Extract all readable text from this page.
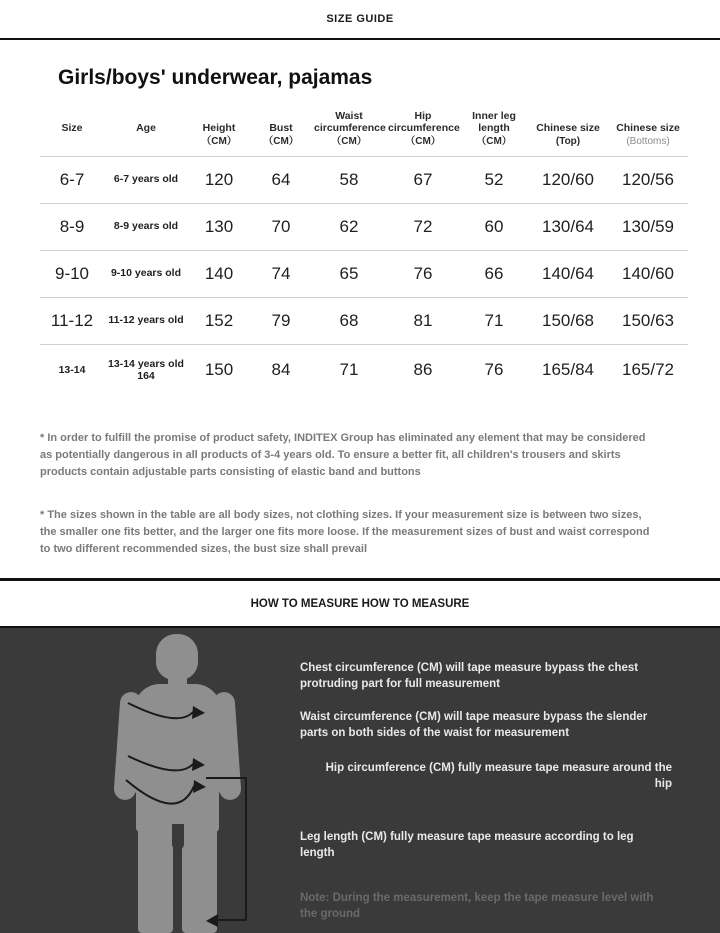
SIZE GUIDE
Girls/boys' underwear, pajamas
Size	Age	Height	Bust	Waist circumference	Hip circumference	Inner leg length	Chinese size	Chinese size
		（CM）	（CM）	（CM）	（CM）	（CM）	(Top)	(Bottoms)
6-7	6-7 years old	120	64	58	67	52	120/60	120/56
8-9	8-9 years old	130	70	62	72	60	130/64	130/59
9-10	9-10 years old	140	74	65	76	66	140/64	140/60
11-12	11-12 years old	152	79	68	81	71	150/68	150/63
13-14	13-14 years old 164	150	84	71	86	76	165/84	165/72
* In order to fulfill the promise of product safety, INDITEX Group has eliminated any element that may be considered as potentially dangerous in all products of 3-4 years old. To ensure a better fit, all children's trousers and skirts products contain adjustable parts consisting of elastic band and buttons
* The sizes shown in the table are all body sizes, not clothing sizes. If your measurement size is between two sizes, the smaller one fits better, and the larger one fits more loose. If the measurement sizes of bust and waist correspond to two different recommended sizes, the bust size shall prevail
HOW TO MEASURE HOW TO MEASURE
Chest circumference (CM) will tape measure bypass the chest protruding part for full measurement
Waist circumference (CM) will tape measure bypass the slender parts on both sides of the waist for measurement
Hip circumference (CM) fully measure tape measure around the hip
Leg length (CM) fully measure tape measure according to leg length
Note: During the measurement, keep the tape measure level with the ground
